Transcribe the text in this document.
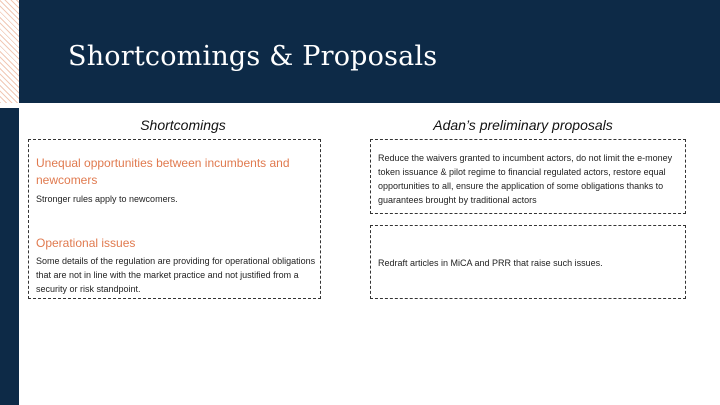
Shortcomings & Proposals
Shortcomings	Adan’s preliminary proposals
Unequal opportunities between incumbents and newcomers
Stronger rules apply to newcomers.
Operational issues
Some details of the regulation are providing for operational obligations that are not in line with the market practice and not justified from a security or risk standpoint.
Reduce the waivers granted to incumbent actors, do not limit the e-money token issuance & pilot regime to financial regulated actors, restore equal opportunities to all, ensure the application of some obligations thanks to guarantees brought by traditional actors
Redraft articles in MiCA and PRR that raise such issues.
